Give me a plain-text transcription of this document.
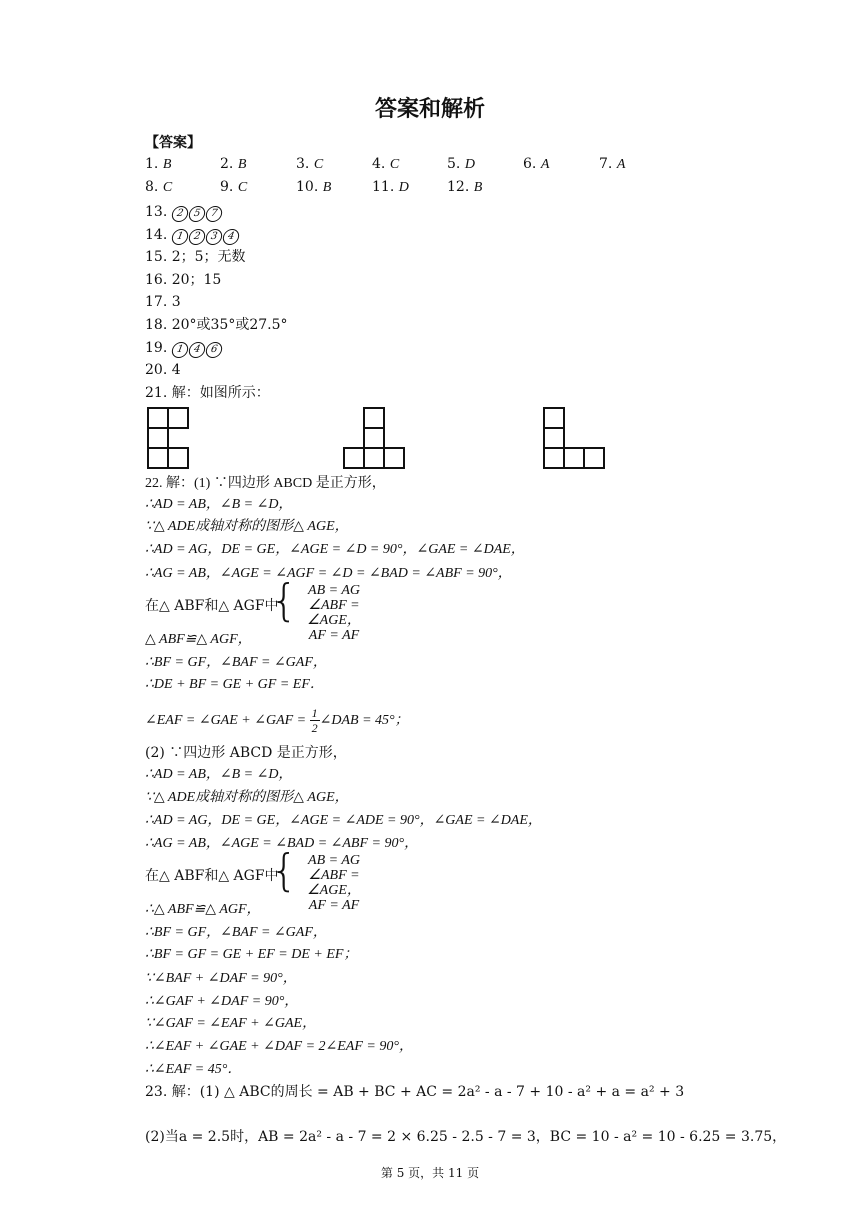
答案和解析
【答案】
1. B	2. B	3. C	4. C	5. D	6. A	7. A
8. C	9. C	10. B	11. D	12. B
13. 2 5 7
14. 1 2 3 4
15. 2；5；无数
16. 20；15
17. 3
18. 20°或35°或27.5°
19. 1 4 6
20. 4
21. 解：如图所示：
22. 解：(1) ∵四边形 ABCD 是正方形，
∴AD = AB，∠B = ∠D，
∵△ ADE成轴对称的图形△ AGE，
∴AD = AG，DE = GE，∠AGE = ∠D = 90°，∠GAE = ∠DAE，
∴AG = AB，∠AGE = ∠AGF = ∠D = ∠BAD = ∠ABF = 90°，
在△ ABF和△ AGF中
{ AB = AG
∠ABF = ∠AGE，
AF = AF
△ ABF≌△ AGF，
∴BF = GF，∠BAF = ∠GAF，
∴DE + BF = GE + GF = EF．
∠EAF = ∠GAE + ∠GAF = $\frac{1}{2}$ ∠DAB = 45°；
(2) ∵四边形 ABCD 是正方形，
∴AD = AB，∠B = ∠D，
∵△ ADE成轴对称的图形△ AGE，
∴AD = AG，DE = GE，∠AGE = ∠ADE = 90°，∠GAE = ∠DAE，
∴AG = AB，∠AGE = ∠BAD = ∠ABF = 90°，
在△ ABF和△ AGF中
{ AB = AG
∠ABF = ∠AGE，
AF = AF
∴△ ABF≌△ AGF，
∴BF = GF，∠BAF = ∠GAF，
∴BF = GF = GE + EF = DE + EF；
∵∠BAF + ∠DAF = 90°，
∴∠GAF + ∠DAF = 90°，
∵∠GAF = ∠EAF + ∠GAE，
∴∠EAF + ∠GAE + ∠DAF = 2∠EAF = 90°，
∴∠EAF = 45°．
23. 解：(1) △ ABC的周长 = AB + BC + AC = 2a² - a - 7 + 10 - a² + a = a² + 3
(2)当a = 2.5时，AB = 2a² - a - 7 = 2 × 6.25 - 2.5 - 7 = 3，BC = 10 - a² = 10 - 6.25 = 3.75，
第 5 页，共 11 页
